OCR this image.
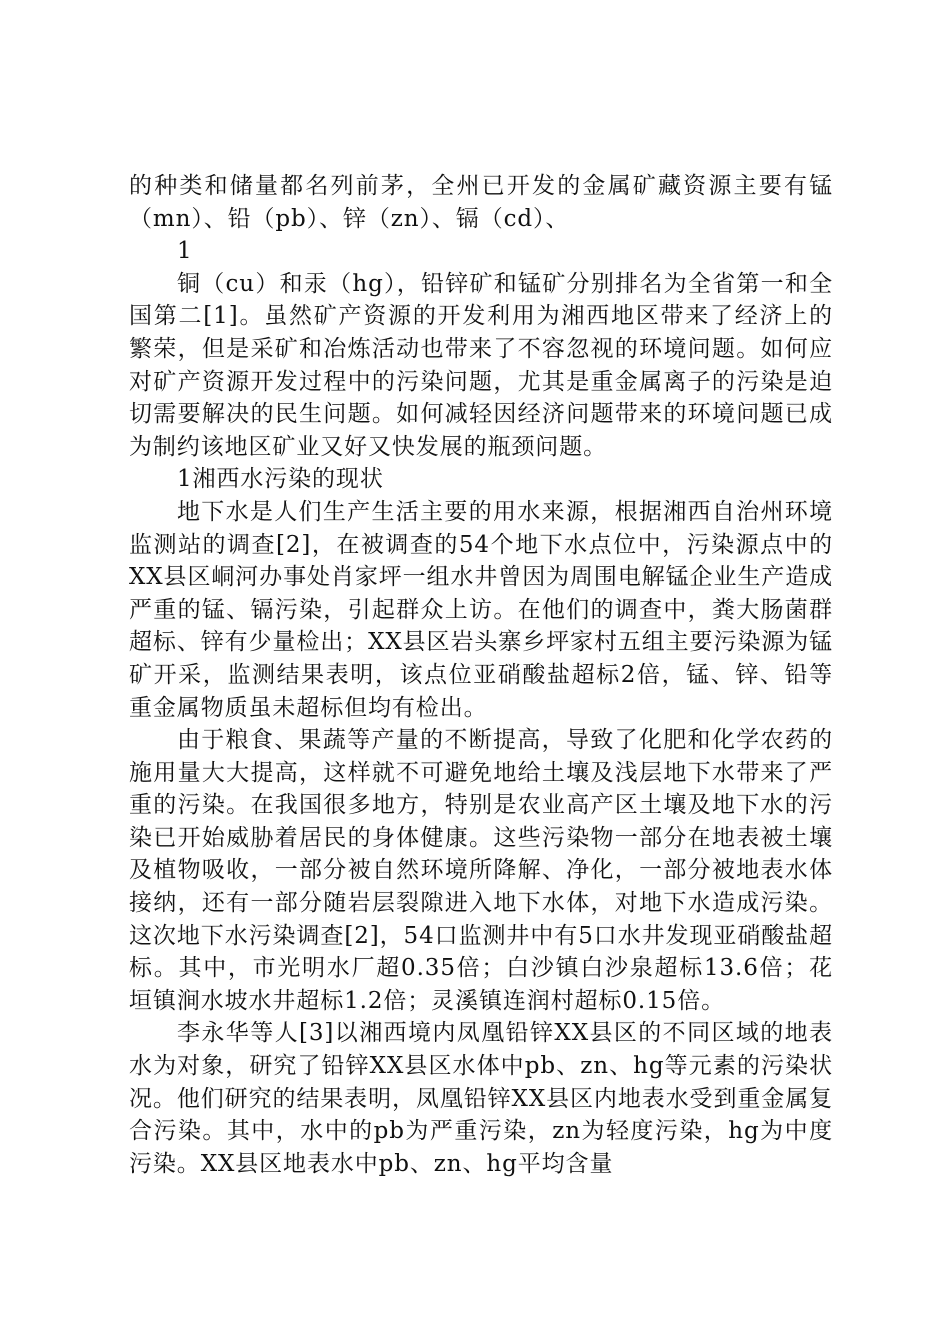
的种类和储量都名列前茅，全州已开发的金属矿藏资源主要有锰（mn）、铅（pb）、锌（zn）、镉（cd）、

1

铜（cu）和汞（hg），铅锌矿和锰矿分别排名为全省第一和全国第二[1]。虽然矿产资源的开发利用为湘西地区带来了经济上的繁荣，但是采矿和冶炼活动也带来了不容忽视的环境问题。如何应对矿产资源开发过程中的污染问题，尤其是重金属离子的污染是迫切需要解决的民生问题。如何减轻因经济问题带来的环境问题已成为制约该地区矿业又好又快发展的瓶颈问题。

1湘西水污染的现状

地下水是人们生产生活主要的用水来源，根据湘西自治州环境监测站的调查[2]，在被调查的54个地下水点位中，污染源点中的XX县区峒河办事处肖家坪一组水井曾因为周围电解锰企业生产造成严重的锰、镉污染，引起群众上访。在他们的调查中，粪大肠菌群超标、锌有少量检出；XX县区岩头寨乡坪家村五组主要污染源为锰矿开采，监测结果表明，该点位亚硝酸盐超标2倍，锰、锌、铅等重金属物质虽未超标但均有检出。

由于粮食、果蔬等产量的不断提高，导致了化肥和化学农药的施用量大大提高，这样就不可避免地给土壤及浅层地下水带来了严重的污染。在我国很多地方，特别是农业高产区土壤及地下水的污染已开始威胁着居民的身体健康。这些污染物一部分在地表被土壤及植物吸收，一部分被自然环境所降解、净化，一部分被地表水体接纳，还有一部分随岩层裂隙进入地下水体，对地下水造成污染。这次地下水污染调查[2]，54口监测井中有5口水井发现亚硝酸盐超标。其中，市光明水厂超0.35倍；白沙镇白沙泉超标13.6倍；花垣镇涧水坡水井超标1.2倍；灵溪镇连润村超标0.15倍。

李永华等人[3]以湘西境内凤凰铅锌XX县区的不同区域的地表水为对象，研究了铅锌XX县区水体中pb、zn、hg等元素的污染状况。他们研究的结果表明，凤凰铅锌XX县区内地表水受到重金属复合污染。其中，水中的pb为严重污染，zn为轻度污染，hg为中度污染。XX县区地表水中pb、zn、hg平均含量
